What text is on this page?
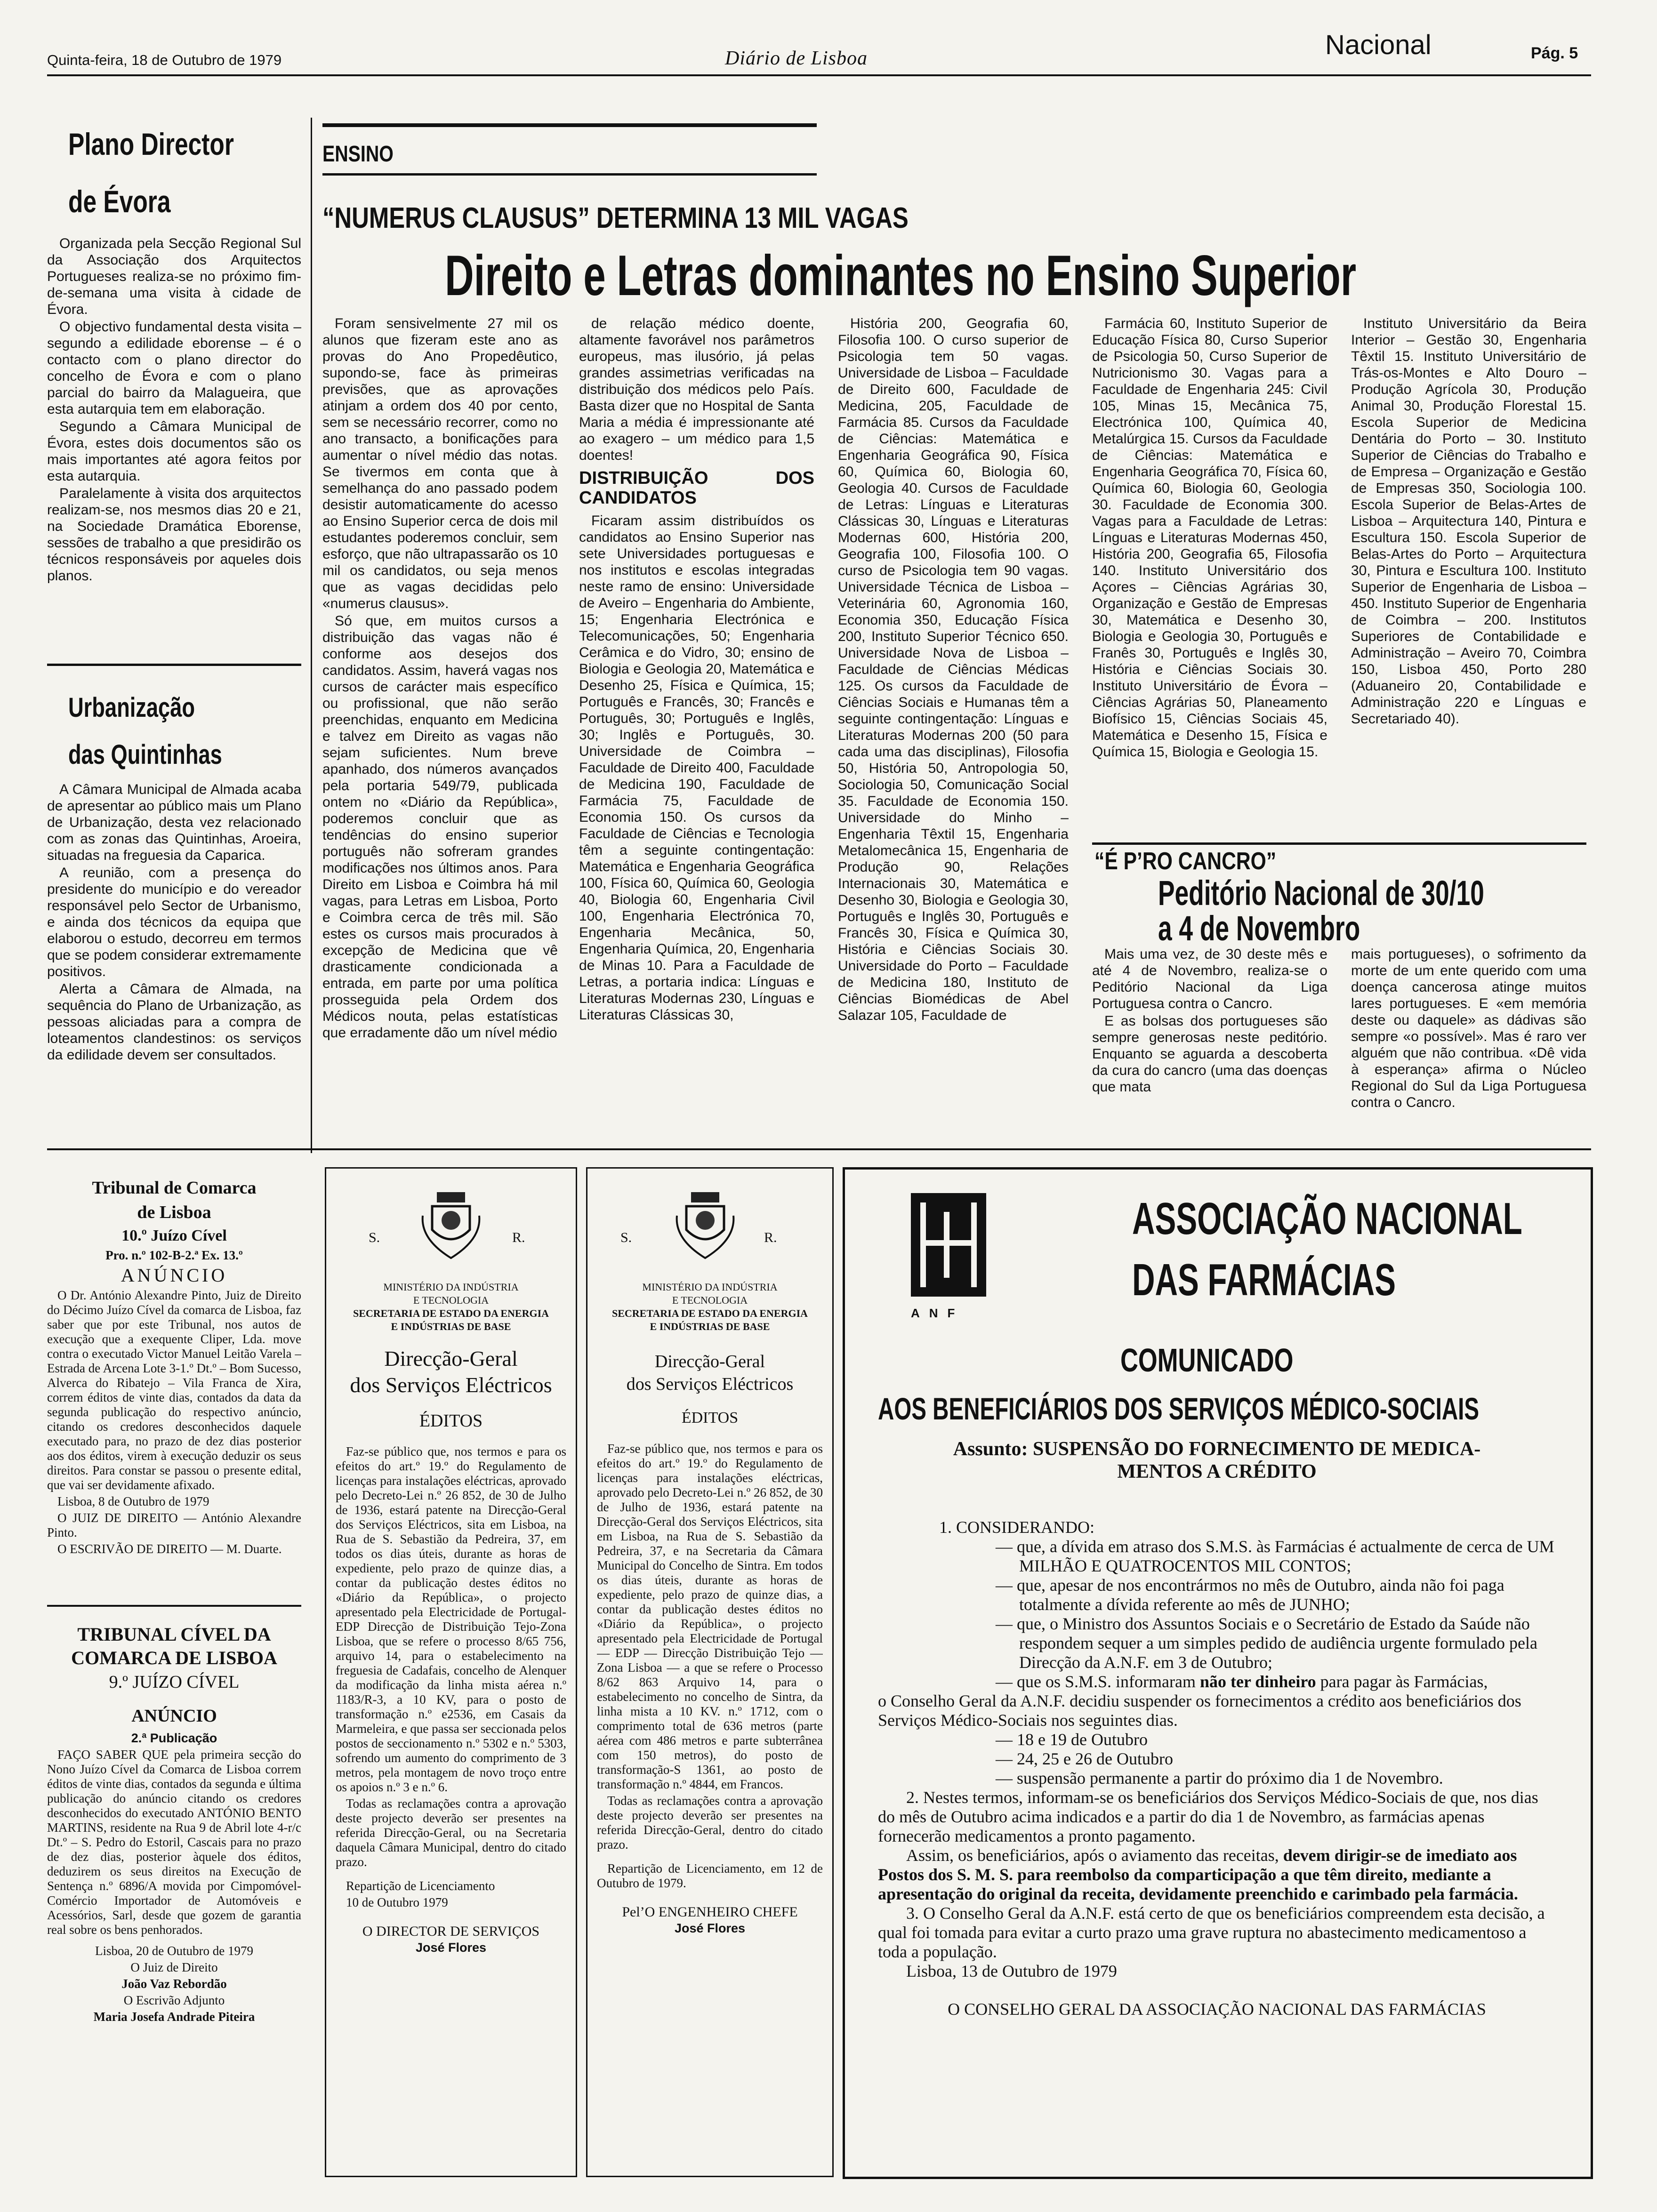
Quinta-feira, 18 de Outubro de 1979	Diário de Lisboa	Nacional	Pág. 5
Plano Director
de Évora

Organizada pela Secção Regional Sul da Associação dos Arquitectos Portugueses realiza-se no próximo fim-de-semana uma visita à cidade de Évora.

O objectivo fundamental desta visita – segundo a edilidade eborense – é o contacto com o plano director do concelho de Évora e com o plano parcial do bairro da Malagueira, que esta autarquia tem em elaboração.

Segundo a Câmara Municipal de Évora, estes dois documentos são os mais importantes até agora feitos por esta autarquia.

Paralelamente à visita dos arquitectos realizam-se, nos mesmos dias 20 e 21, na Sociedade Dramática Eborense, sessões de trabalho a que presidirão os técnicos responsáveis por aqueles dois planos.

Urbanização
das Quintinhas

A Câmara Municipal de Almada acaba de apresentar ao público mais um Plano de Urbanização, desta vez relacionado com as zonas das Quintinhas, Aroeira, situadas na freguesia da Caparica.

A reunião, com a presença do presidente do município e do vereador responsável pelo Sector de Urbanismo, e ainda dos técnicos da equipa que elaborou o estudo, decorreu em termos que se podem considerar extremamente positivos.

Alerta a Câmara de Almada, na sequência do Plano de Urbanização, as pessoas aliciadas para a compra de loteamentos clandestinos: os serviços da edilidade devem ser consultados.

ENSINO
“NUMERUS CLAUSUS” DETERMINA 13 MIL VAGAS
Direito e Letras dominantes no Ensino Superior

Foram sensivelmente 27 mil os alunos que fizeram este ano as provas do Ano Propedêutico, supondo-se, face às primeiras previsões, que as aprovações atinjam a ordem dos 40 por cento, sem se necessário recorrer, como no ano transacto, a bonificações para aumentar o nível médio das notas. Se tivermos em conta que à semelhança do ano passado podem desistir automaticamente do acesso ao Ensino Superior cerca de dois mil estudantes poderemos concluir, sem esforço, que não ultrapassarão os 10 mil os candidatos, ou seja menos que as vagas decididas pelo «numerus clausus».

Só que, em muitos cursos a distribuição das vagas não é conforme aos desejos dos candidatos. Assim, haverá vagas nos cursos de carácter mais específico ou profissional, que não serão preenchidas, enquanto em Medicina e talvez em Direito as vagas não sejam suficientes. Num breve apanhado, dos números avançados pela portaria 549/79, publicada ontem no «Diário da República», poderemos concluir que as tendências do ensino superior português não sofreram grandes modificações nos últimos anos. Para Direito em Lisboa e Coimbra há mil vagas, para Letras em Lisboa, Porto e Coimbra cerca de três mil. São estes os cursos mais procurados à excepção de Medicina que vê drasticamente condicionada a entrada, em parte por uma política prosseguida pela Ordem dos Médicos nouta, pelas estatísticas que erradamente dão um nível médio

de relação médico doente, altamente favorável nos parâmetros europeus, mas ilusório, já pelas grandes assimetrias verificadas na distribuição dos médicos pelo País. Basta dizer que no Hospital de Santa Maria a média é impressionante até ao exagero – um médico para 1,5 doentes!

DISTRIBUIÇÃO DOS CANDIDATOS

Ficaram assim distribuídos os candidatos ao Ensino Superior nas sete Universidades portuguesas e nos institutos e escolas integradas neste ramo de ensino: Universidade de Aveiro – Engenharia do Ambiente, 15; Engenharia Electrónica e Telecomunicações, 50; Engenharia Cerâmica e do Vidro, 30; ensino de Biologia e Geologia 20, Matemática e Desenho 25, Física e Química, 15; Português e Francês, 30; Francês e Português, 30; Português e Inglês, 30; Inglês e Português, 30. Universidade de Coimbra – Faculdade de Direito 400, Faculdade de Medicina 190, Faculdade de Farmácia 75, Faculdade de Economia 150. Os cursos da Faculdade de Ciências e Tecnologia têm a seguinte contingentação: Matemática e Engenharia Geográfica 100, Física 60, Química 60, Geologia 40, Biologia 60, Engenharia Civil 100, Engenharia Electrónica 70, Engenharia Mecânica, 50, Engenharia Química, 20, Engenharia de Minas 10. Para a Faculdade de Letras, a portaria indica: Línguas e Literaturas Modernas 230, Línguas e Literaturas Clássicas 30,

História 200, Geografia 60, Filosofia 100. O curso superior de Psicologia tem 50 vagas. Universidade de Lisboa – Faculdade de Direito 600, Faculdade de Medicina, 205, Faculdade de Farmácia 85. Cursos da Faculdade de Ciências: Matemática e Engenharia Geográfica 90, Física 60, Química 60, Biologia 60, Geologia 40. Cursos de Faculdade de Letras: Línguas e Literaturas Clássicas 30, Línguas e Literaturas Modernas 600, História 200, Geografia 100, Filosofia 100. O curso de Psicologia tem 90 vagas. Universidade Técnica de Lisboa – Veterinária 60, Agronomia 160, Economia 350, Educação Física 200, Instituto Superior Técnico 650. Universidade Nova de Lisboa – Faculdade de Ciências Médicas 125. Os cursos da Faculdade de Ciências Sociais e Humanas têm a seguinte contingentação: Línguas e Literaturas Modernas 200 (50 para cada uma das disciplinas), Filosofia 50, História 50, Antropologia 50, Sociologia 50, Comunicação Social 35. Faculdade de Economia 150. Universidade do Minho – Engenharia Têxtil 15, Engenharia Metalomecânica 15, Engenharia de Produção 90, Relações Internacionais 30, Matemática e Desenho 30, Biologia e Geologia 30, Português e Inglês 30, Português e Francês 30, Física e Química 30, História e Ciências Sociais 30. Universidade do Porto – Faculdade de Medicina 180, Instituto de Ciências Biomédicas de Abel Salazar 105, Faculdade de

Farmácia 60, Instituto Superior de Educação Física 80, Curso Superior de Psicologia 50, Curso Superior de Nutricionismo 30. Vagas para a Faculdade de Engenharia 245: Civil 105, Minas 15, Mecânica 75, Electrónica 100, Química 40, Metalúrgica 15. Cursos da Faculdade de Ciências: Matemática e Engenharia Geográfica 70, Física 60, Química 60, Biologia 60, Geologia 30. Faculdade de Economia 300. Vagas para a Faculdade de Letras: Línguas e Literaturas Modernas 450, História 200, Geografia 65, Filosofia 140. Instituto Universitário dos Açores – Ciências Agrárias 30, Organização e Gestão de Empresas 30, Matemática e Desenho 30, Biologia e Geologia 30, Português e Franês 30, Português e Inglês 30, História e Ciências Sociais 30. Instituto Universitário de Évora – Ciências Agrárias 50, Planeamento Biofísico 15, Ciências Sociais 45, Matemática e Desenho 15, Física e Química 15, Biologia e Geologia 15.

Instituto Universitário da Beira Interior – Gestão 30, Engenharia Têxtil 15. Instituto Universitário de Trás-os-Montes e Alto Douro – Produção Agrícola 30, Produção Animal 30, Produção Florestal 15. Escola Superior de Medicina Dentária do Porto – 30. Instituto Superior de Ciências do Trabalho e de Empresa – Organização e Gestão de Empresas 350, Sociologia 100. Escola Superior de Belas-Artes de Lisboa – Arquitectura 140, Pintura e Escultura 150. Escola Superior de Belas-Artes do Porto – Arquitectura 30, Pintura e Escultura 100. Instituto Superior de Engenharia de Lisboa – 450. Instituto Superior de Engenharia de Coimbra – 200. Institutos Superiores de Contabilidade e Administração – Aveiro 70, Coimbra 150, Lisboa 450, Porto 280 (Aduaneiro 20, Contabilidade e Administração 220 e Línguas e Secretariado 40).

“É P’RO CANCRO”
Peditório Nacional de 30/10
a 4 de Novembro

Mais uma vez, de 30 deste mês e até 4 de Novembro, realiza-se o Peditório Nacional da Liga Portuguesa contra o Cancro.

E as bolsas dos portugueses são sempre generosas neste peditório. Enquanto se aguarda a descoberta da cura do cancro (uma das doenças que mata

mais portugueses), o sofrimento da morte de um ente querido com uma doença cancerosa atinge muitos lares portugueses. E «em memória deste ou daquele» as dádivas são sempre «o possível». Mas é raro ver alguém que não contribua. «Dê vida à esperança» afirma o Núcleo Regional do Sul da Liga Portuguesa contra o Cancro.

Tribunal de Comarca

de Lisboa

10.º Juízo Cível

Pro. n.º 102-B-2.ª Ex. 13.º

ANÚNCIO

O Dr. António Alexandre Pinto, Juiz de Direito do Décimo Juízo Cível da comarca de Lisboa, faz saber que por este Tribunal, nos autos de execução que a exequente Cliper, Lda. move contra o executado Victor Manuel Leitão Varela – Estrada de Arcena Lote 3-1.º Dt.º – Bom Sucesso, Alverca do Ribatejo – Vila Franca de Xira, correm éditos de vinte dias, contados da data da segunda publicação do respectivo anúncio, citando os credores desconhecidos daquele executado para, no prazo de dez dias posterior aos dos éditos, virem à execução deduzir os seus direitos. Para constar se passou o presente edital, que vai ser devidamente afixado.

Lisboa, 8 de Outubro de 1979

O JUIZ DE DIREITO — António Alexandre Pinto.

O ESCRIVÃO DE DIREITO — M. Duarte.

TRIBUNAL CÍVEL DA

COMARCA DE LISBOA

9.º JUÍZO CÍVEL

ANÚNCIO

2.ª Publicação

FAÇO SABER QUE pela primeira secção do Nono Juízo Cível da Comarca de Lisboa correm éditos de vinte dias, contados da segunda e última publicação do anúncio citando os credores desconhecidos do executado ANTÓNIO BENTO MARTINS, residente na Rua 9 de Abril lote 4-r/c Dt.º – S. Pedro do Estoril, Cascais para no prazo de dez dias, posterior àquele dos éditos, deduzirem os seus direitos na Execução de Sentença n.º 6896/A movida por Cimpomóvel-Comércio Importador de Automóveis e Acessórios, Sarl, desde que gozem de garantia real sobre os bens penhorados.

Lisboa, 20 de Outubro de 1979

O Juiz de Direito

João Vaz Rebordão

O Escrivão Adjunto

Maria Josefa Andrade Piteira

S.	R.

MINISTÉRIO DA INDÚSTRIA

E TECNOLOGIA

SECRETARIA DE ESTADO DA ENERGIA

E INDÚSTRIAS DE BASE

Direcção-Geral

dos Serviços Eléctricos

ÉDITOS

Faz-se público que, nos termos e para os efeitos do art.º 19.º do Regulamento de licenças para instalações eléctricas, aprovado pelo Decreto-Lei n.º 26 852, de 30 de Julho de 1936, estará patente na Direcção-Geral dos Serviços Eléctricos, sita em Lisboa, na Rua de S. Sebastião da Pedreira, 37, em todos os dias úteis, durante as horas de expediente, pelo prazo de quinze dias, a contar da publicação destes éditos no «Diário da República», o projecto apresentado pela Electricidade de Portugal-EDP Direcção de Distribuição Tejo-Zona Lisboa, que se refere o processo 8/65 756, arquivo 14, para o estabelecimento na freguesia de Cadafais, concelho de Alenquer da modificação da linha mista aérea n.º 1183/R-3, a 10 KV, para o posto de transformação n.º e2536, em Casais da Marmeleira, e que passa ser seccionada pelos postos de seccionamento n.º 5302 e n.º 5303, sofrendo um aumento do comprimento de 3 metros, pela montagem de novo troço entre os apoios n.º 3 e n.º 6.

Todas as reclamações contra a aprovação deste projecto deverão ser presentes na referida Direcção-Geral, ou na Secretaria daquela Câmara Municipal, dentro do citado prazo.

Repartição de Licenciamento

10 de Outubro 1979

O DIRECTOR DE SERVIÇOS

José Flores

S.	R.

MINISTÉRIO DA INDÚSTRIA

E TECNOLOGIA

SECRETARIA DE ESTADO DA ENERGIA

E INDÚSTRIAS DE BASE

Direcção-Geral

dos Serviços Eléctricos

ÉDITOS

Faz-se público que, nos termos e para os efeitos do art.º 19.º do Regulamento de licenças para instalações eléctricas, aprovado pelo Decreto-Lei n.º 26 852, de 30 de Julho de 1936, estará patente na Direcção-Geral dos Serviços Eléctricos, sita em Lisboa, na Rua de S. Sebastião da Pedreira, 37, e na Secretaria da Câmara Municipal do Concelho de Sintra. Em todos os dias úteis, durante as horas de expediente, pelo prazo de quinze dias, a contar da publicação destes éditos no «Diário da República», o projecto apresentado pela Electricidade de Portugal — EDP — Direcção Distribuição Tejo — Zona Lisboa — a que se refere o Processo 8/62 863 Arquivo 14, para o estabelecimento no concelho de Sintra, da linha mista a 10 KV. n.º 1712, com o comprimento total de 636 metros (parte aérea com 486 metros e parte subterrânea com 150 metros), do posto de transformação-S 1361, ao posto de transformação n.º 4844, em Francos.

Todas as reclamações contra a aprovação deste projecto deverão ser presentes na referida Direcção-Geral, dentro do citado prazo.

Repartição de Licenciamento, em 12 de Outubro de 1979.

Pel’O ENGENHEIRO CHEFE

José Flores

ANF
ASSOCIAÇÃO NACIONAL
DAS FARMÁCIAS
COMUNICADO
AOS BENEFICIÁRIOS DOS SERVIÇOS MÉDICO-SOCIAIS
Assunto: SUSPENSÃO DO FORNECIMENTO DE MEDICA-
MENTOS A CRÉDITO

1. CONSIDERANDO:

— que, a dívida em atraso dos S.M.S. às Farmácias é actualmente de cerca de UM MILHÃO E QUATROCENTOS MIL CONTOS;

— que, apesar de nos encontrármos no mês de Outubro, ainda não foi paga totalmente a dívida referente ao mês de JUNHO;

— que, o Ministro dos Assuntos Sociais e o Secretário de Estado da Saúde não respondem sequer a um simples pedido de audiência urgente formulado pela Direcção da A.N.F. em 3 de Outubro;

— que os S.M.S. informaram não ter dinheiro para pagar às Farmácias,

o Conselho Geral da A.N.F. decidiu suspender os fornecimentos a crédito aos beneficiários dos Serviços Médico-Sociais nos seguintes dias.

— 18 e 19 de Outubro

— 24, 25 e 26 de Outubro

— suspensão permanente a partir do próximo dia 1 de Novembro.

2. Nestes termos, informam-se os beneficiários dos Serviços Médico-Sociais de que, nos dias do mês de Outubro acima indicados e a partir do dia 1 de Novembro, as farmácias apenas fornecerão medicamentos a pronto pagamento.

Assim, os beneficiários, após o aviamento das receitas, devem dirigir-se de imediato aos Postos dos S. M. S. para reembolso da comparticipação a que têm direito, mediante a apresentação do original da receita, devidamente preenchido e carimbado pela farmácia.

3. O Conselho Geral da A.N.F. está certo de que os beneficiários compreendem esta decisão, a qual foi tomada para evitar a curto prazo uma grave ruptura no abastecimento medicamentoso a toda a população.

Lisboa, 13 de Outubro de 1979

O CONSELHO GERAL DA ASSOCIAÇÃO NACIONAL DAS FARMÁCIAS
